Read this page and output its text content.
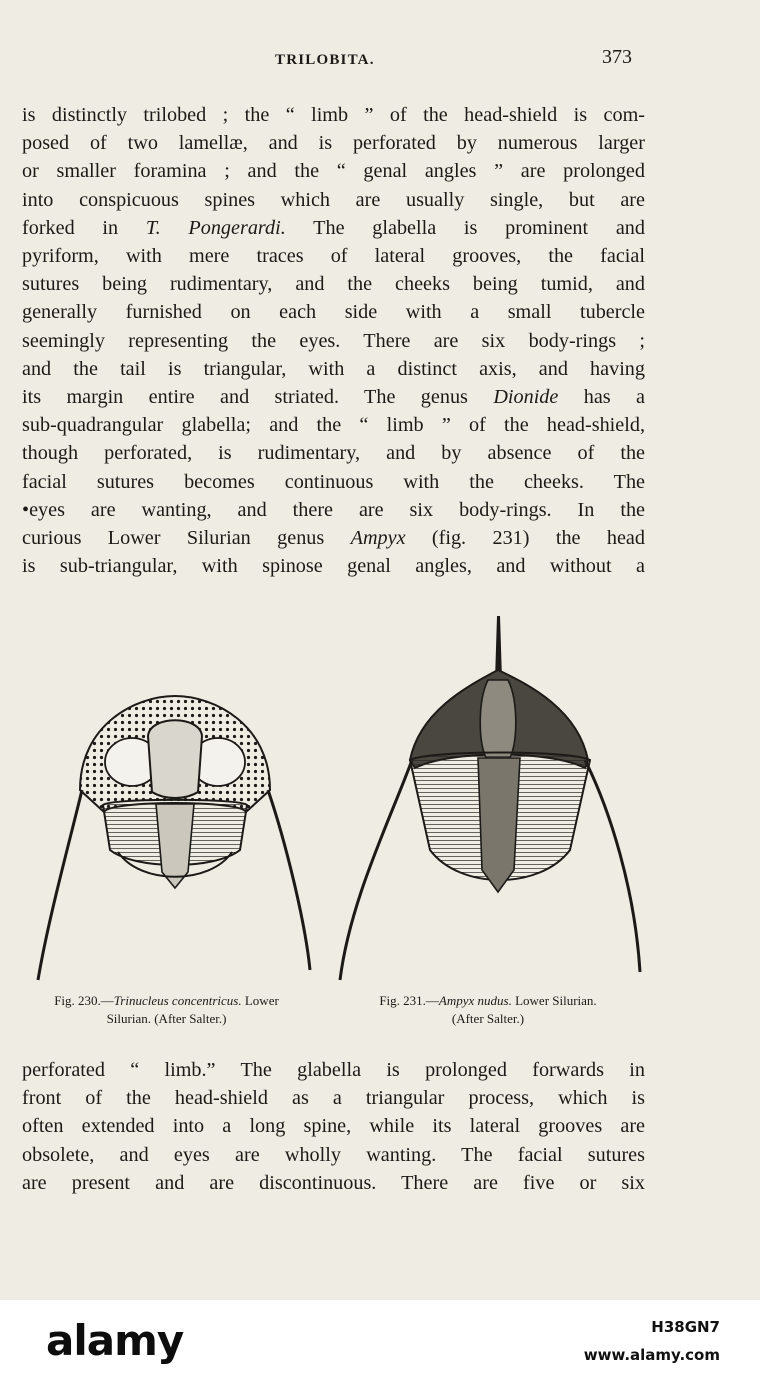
TRILOBITA.	373
is distinctly trilobed ; the “ limb ” of the head-shield is com-
posed of two lamellæ, and is perforated by numerous larger
or smaller foramina ; and the “ genal angles ” are prolonged
into conspicuous spines which are usually single, but are
forked in T. Pongerardi. The glabella is prominent and
pyriform, with mere traces of lateral grooves, the facial
sutures being rudimentary, and the cheeks being tumid, and
generally furnished on each side with a small tubercle
seemingly representing the eyes. There are six body-rings ;
and the tail is triangular, with a distinct axis, and having
its margin entire and striated. The genus Dionide has a
sub-quadrangular glabella; and the “ limb ” of the head-shield,
though perforated, is rudimentary, and by absence of the
facial sutures becomes continuous with the cheeks. The
•eyes are wanting, and there are six body-rings. In the
curious Lower Silurian genus Ampyx (fig. 231) the head
is sub-triangular, with spinose genal angles, and without a
Fig. 230.—Trinucleus concentricus. Lower
Silurian. (After Salter.)
Fig. 231.—Ampyx nudus. Lower Silurian.
(After Salter.)
perforated “ limb.” The glabella is prolonged forwards in
front of the head-shield as a triangular process, which is
often extended into a long spine, while its lateral grooves are
obsolete, and eyes are wholly wanting. The facial sutures
are present and are discontinuous. There are five or six
alamy	H38GN7
www.alamy.com
